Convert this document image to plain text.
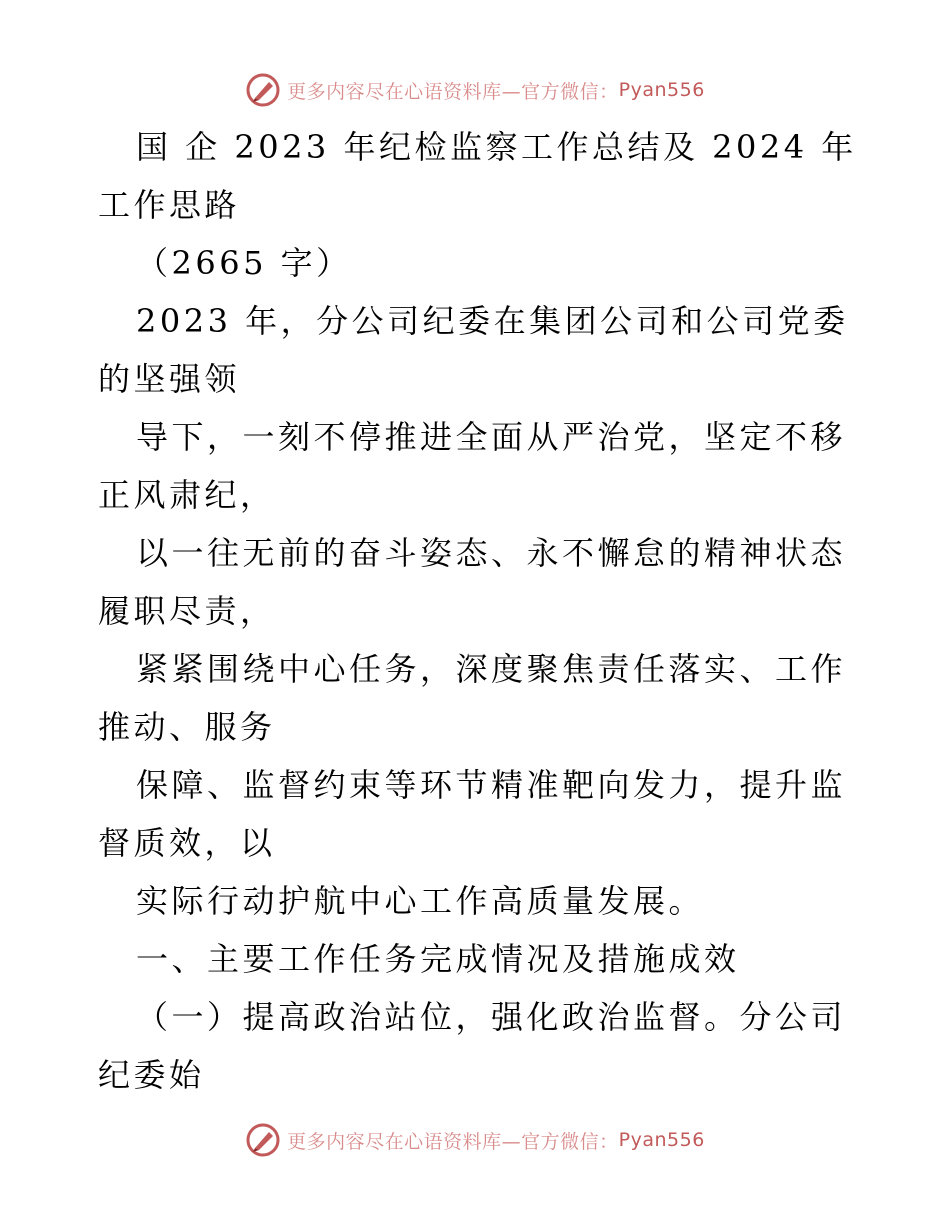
更多内容尽在心语资料库—官方微信： Pyan556

国 企 2023 年纪检监察工作总结及 2024 年工作思路

（2665 字）

2023 年，分公司纪委在集团公司和公司党委的坚强领

导下，一刻不停推进全面从严治党，坚定不移正风肃纪，

以一往无前的奋斗姿态、永不懈怠的精神状态履职尽责，

紧紧围绕中心任务，深度聚焦责任落实、工作推动、服务

保障、监督约束等环节精准靶向发力，提升监督质效，以

实际行动护航中心工作高质量发展。

一、主要工作任务完成情况及措施成效

（一）提高政治站位，强化政治监督。分公司纪委始

更多内容尽在心语资料库—官方微信： Pyan556
